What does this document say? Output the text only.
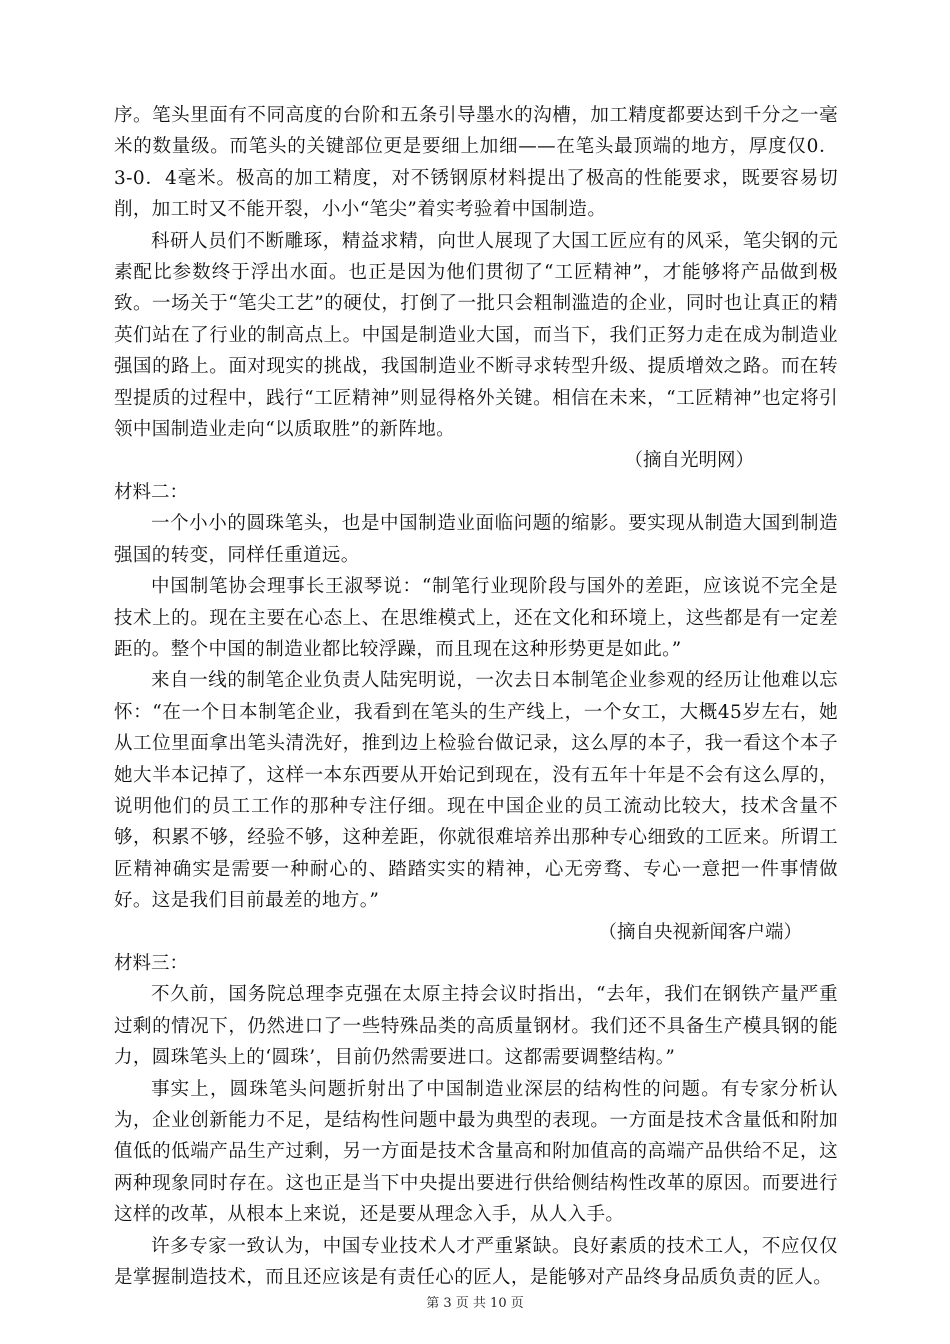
序。笔头里面有不同高度的台阶和五条引导墨水的沟槽，加工精度都要达到千分之一毫米的数量级。而笔头的关键部位更是要细上加细——在笔头最顶端的地方，厚度仅0．3-0．4毫米。极高的加工精度，对不锈钢原材料提出了极高的性能要求，既要容易切削，加工时又不能开裂，小小“笔尖”着实考验着中国制造。

科研人员们不断雕琢，精益求精，向世人展现了大国工匠应有的风采，笔尖钢的元素配比参数终于浮出水面。也正是因为他们贯彻了“工匠精神”，才能够将产品做到极致。一场关于“笔尖工艺”的硬仗，打倒了一批只会粗制滥造的企业，同时也让真正的精英们站在了行业的制高点上。中国是制造业大国，而当下，我们正努力走在成为制造业强国的路上。面对现实的挑战，我国制造业不断寻求转型升级、提质增效之路。而在转型提质的过程中，践行“工匠精神”则显得格外关键。相信在未来，“工匠精神”也定将引领中国制造业走向“以质取胜”的新阵地。

（摘自光明网）

材料二：

一个小小的圆珠笔头，也是中国制造业面临问题的缩影。要实现从制造大国到制造强国的转变，同样任重道远。

中国制笔协会理事长王淑琴说：“制笔行业现阶段与国外的差距，应该说不完全是技术上的。现在主要在心态上、在思维模式上，还在文化和环境上，这些都是有一定差距的。整个中国的制造业都比较浮躁，而且现在这种形势更是如此。”

来自一线的制笔企业负责人陆宪明说，一次去日本制笔企业参观的经历让他难以忘怀：“在一个日本制笔企业，我看到在笔头的生产线上，一个女工，大概45岁左右，她从工位里面拿出笔头清洗好，推到边上检验台做记录，这么厚的本子，我一看这个本子她大半本记掉了，这样一本东西要从开始记到现在，没有五年十年是不会有这么厚的，说明他们的员工工作的那种专注仔细。现在中国企业的员工流动比较大，技术含量不够，积累不够，经验不够，这种差距，你就很难培养出那种专心细致的工匠来。所谓工匠精神确实是需要一种耐心的、踏踏实实的精神，心无旁骛、专心一意把一件事情做好。这是我们目前最差的地方。”

（摘自央视新闻客户端）

材料三：

不久前，国务院总理李克强在太原主持会议时指出，“去年，我们在钢铁产量严重过剩的情况下，仍然进口了一些特殊品类的高质量钢材。我们还不具备生产模具钢的能力，圆珠笔头上的‘圆珠’，目前仍然需要进口。这都需要调整结构。”

事实上，圆珠笔头问题折射出了中国制造业深层的结构性的问题。有专家分析认为，企业创新能力不足，是结构性问题中最为典型的表现。一方面是技术含量低和附加值低的低端产品生产过剩，另一方面是技术含量高和附加值高的高端产品供给不足，这两种现象同时存在。这也正是当下中央提出要进行供给侧结构性改革的原因。而要进行这样的改革，从根本上来说，还是要从理念入手，从人入手。

许多专家一致认为，中国专业技术人才严重紧缺。良好素质的技术工人，不应仅仅是掌握制造技术，而且还应该是有责任心的匠人，是能够对产品终身品质负责的匠人。

第 3 页 共 10 页
